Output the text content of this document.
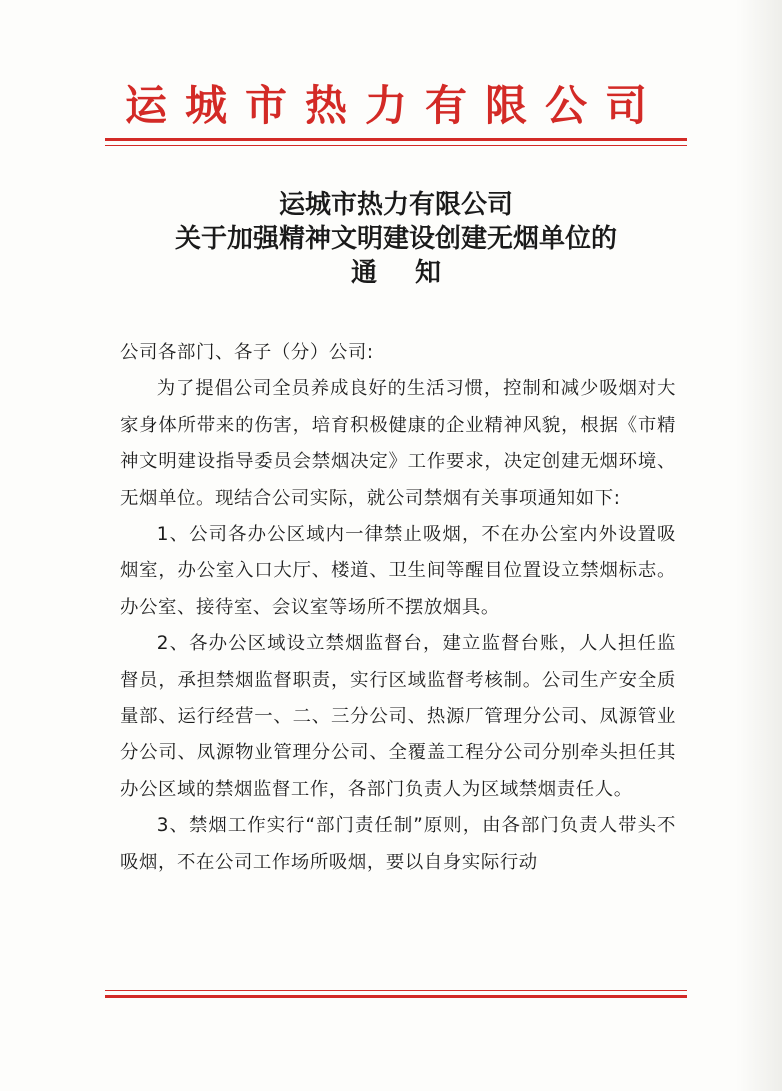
运城市热力有限公司
运城市热力有限公司
关于加强精神文明建设创建无烟单位的
通知

公司各部门、各子（分）公司:

为了提倡公司全员养成良好的生活习惯，控制和减少吸烟对大家身体所带来的伤害，培育积极健康的企业精神风貌，根据《市精神文明建设指导委员会禁烟决定》工作要求，决定创建无烟环境、无烟单位。现结合公司实际，就公司禁烟有关事项通知如下:

1、公司各办公区域内一律禁止吸烟，不在办公室内外设置吸烟室，办公室入口大厅、楼道、卫生间等醒目位置设立禁烟标志。办公室、接待室、会议室等场所不摆放烟具。

2、各办公区域设立禁烟监督台，建立监督台账，人人担任监督员，承担禁烟监督职责，实行区域监督考核制。公司生产安全质量部、运行经营一、二、三分公司、热源厂管理分公司、凤源管业分公司、凤源物业管理分公司、全覆盖工程分公司分别牵头担任其办公区域的禁烟监督工作，各部门负责人为区域禁烟责任人。

3、禁烟工作实行“部门责任制”原则，由各部门负责人带头不吸烟，不在公司工作场所吸烟，要以自身实际行动
